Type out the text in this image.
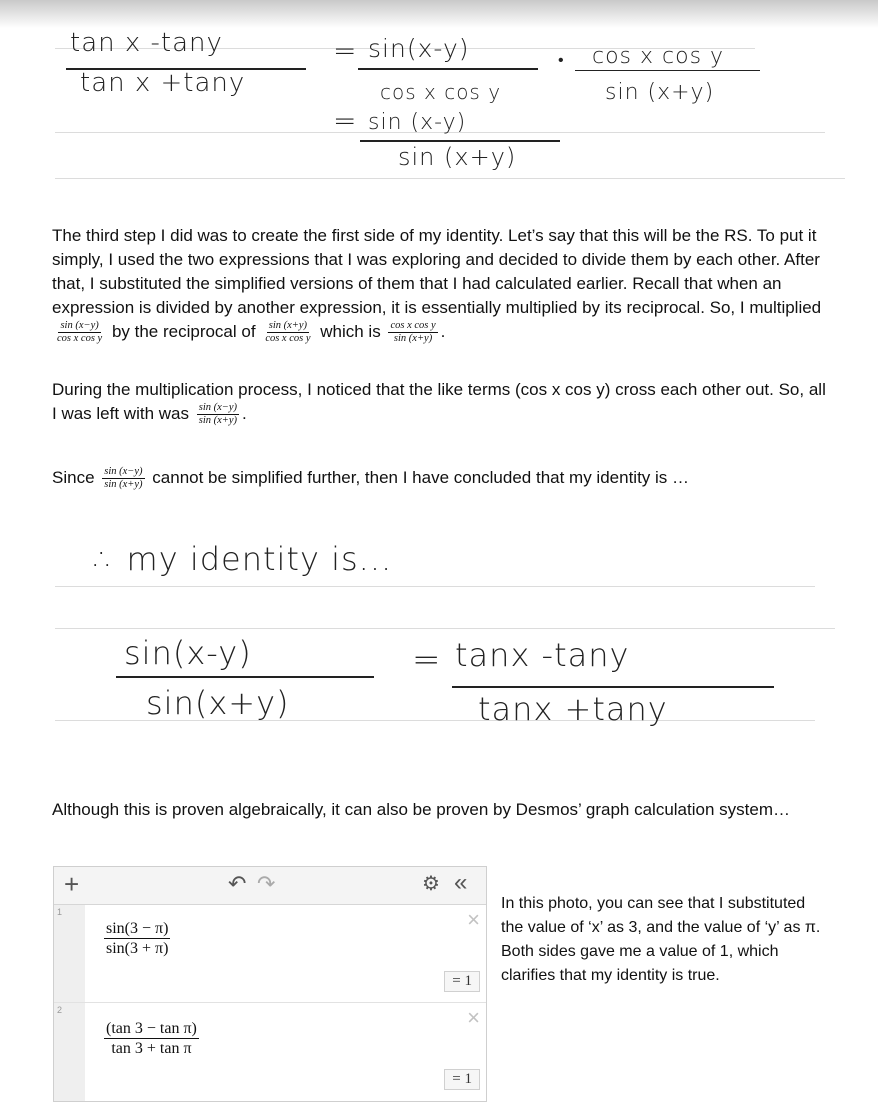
tan x -tany
tan x +tany
= sin(x-y)
cos x cos y
• cos x cos y
sin (x+y)
= sin (x-y)
sin (x+y)
The third step I did was to create the first side of my identity. Let’s say that this will be the RS. To put it simply, I used the two expressions that I was exploring and decided to divide them by each other. After that, I substituted the simplified versions of them that I had calculated earlier. Recall that when an expression is divided by another expression, it is essentially multiplied by its reciprocal. So, I multiplied
$\frac{\sin (x-y)}{\text{cos x cos y}}$ by the reciprocal of $\frac{\sin (x+y)}{\text{cos x cos y}}$ which is $\frac{\text{cos x cos y}}{\sin (x+y)}$ .
During the multiplication process, I noticed that the like terms (cos x cos y) cross each other out. So, all I was left with was $\frac{\sin (x-y)}{\sin (x+y)}$ .
Since $\frac{\sin (x-y)}{\sin (x+y)}$ cannot be simplified further, then I have concluded that my identity is …
∴ my identity is...
sin(x-y)
sin(x+y)
= tanx -tany
tanx +tany
Although this is proven algebraically, it can also be proven by Desmos’ graph calculation system…
+	↶ ↷	⚙ «
1
sin(3 − π)
sin(3 + π)
×
= 1
2
(tan 3 − tan π)
tan 3 + tan π
×
= 1
In this photo, you can see that I substituted the value of ‘x’ as 3, and the value of ‘y’ as π. Both sides gave me a value of 1, which clarifies that my identity is true.
